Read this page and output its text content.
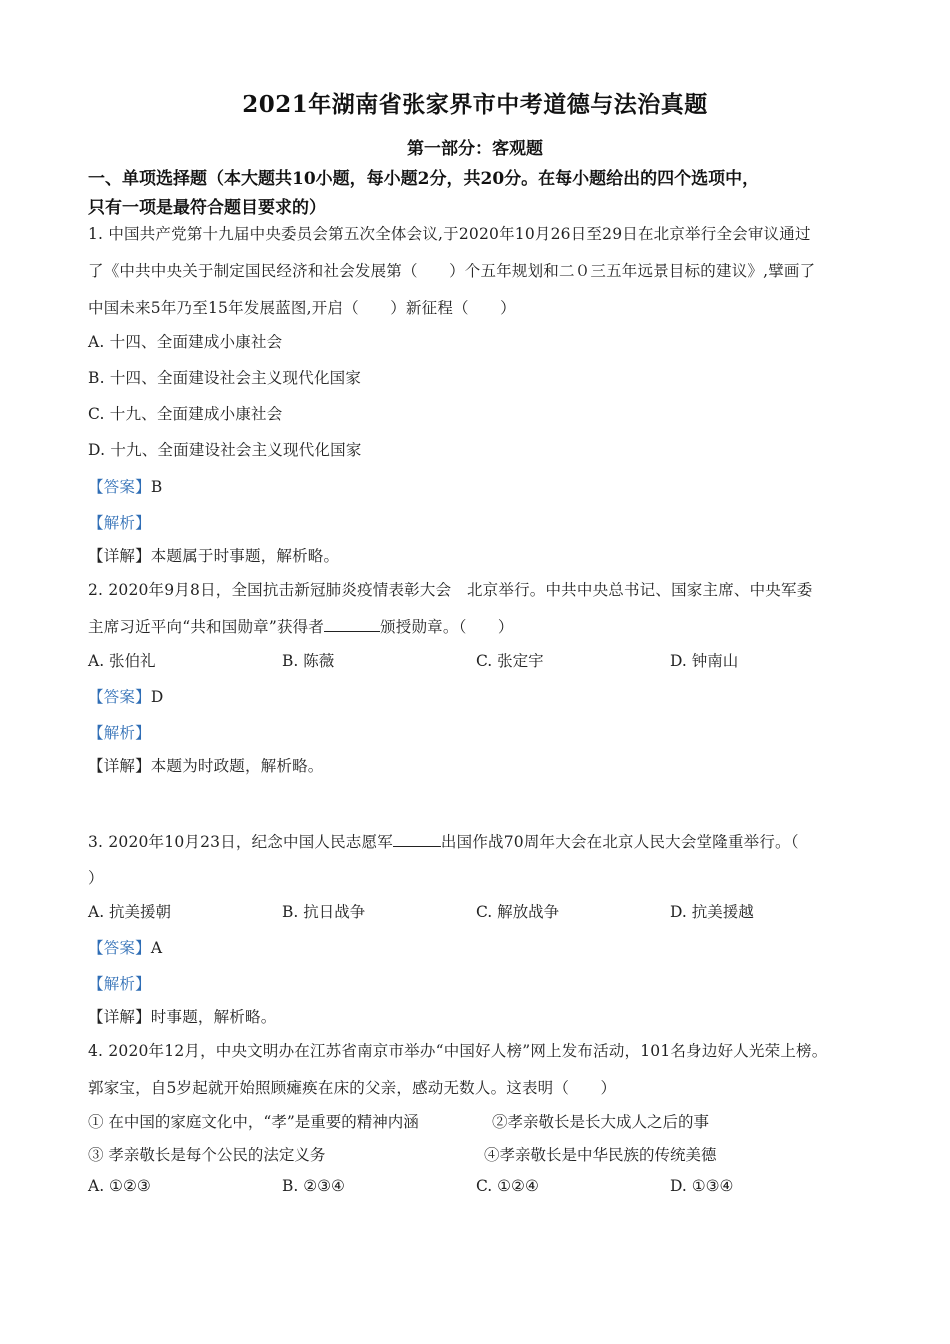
2021年湖南省张家界市中考道德与法治真题
第一部分：客观题
一、单项选择题（本大题共10小题，每小题2分，共20分。在每小题给出的四个选项中，
只有一项是最符合题目要求的）
1. 中国共产党第十九届中央委员会第五次全体会议,于2020年10月26日至29日在北京举行全会审议通过
了《中共中央关于制定国民经济和社会发展第（　　）个五年规划和二０三五年远景目标的建议》,擘画了
中国未来5年乃至15年发展蓝图,开启（　　）新征程（　　）
A. 十四、全面建成小康社会
B. 十四、全面建设社会主义现代化国家
C. 十九、全面建成小康社会
D. 十九、全面建设社会主义现代化国家
【答案】B
【解析】
【详解】本题属于时事题，解析略。
2. 2020年9月8日，全国抗击新冠肺炎疫情表彰大会　北京举行。中共中央总书记、国家主席、中央军委
主席习近平向“共和国勋章”获得者	颁授勋章。（　　）
A. 张伯礼	B. 陈薇	C. 张定宇	D. 钟南山
【答案】D
【解析】
【详解】本题为时政题，解析略。
3. 2020年10月23日，纪念中国人民志愿军	出国作战70周年大会在北京人民大会堂隆重举行。（
）
A. 抗美援朝	B. 抗日战争	C. 解放战争	D. 抗美援越
【答案】A
【解析】
【详解】时事题，解析略。
4. 2020年12月，中央文明办在江苏省南京市举办“中国好人榜”网上发布活动，101名身边好人光荣上榜。
郭家宝，自5岁起就开始照顾瘫痪在床的父亲，感动无数人。这表明（　　）
① 在中国的家庭文化中，“孝”是重要的精神内涵	②孝亲敬长是长大成人之后的事
③ 孝亲敬长是每个公民的法定义务	④孝亲敬长是中华民族的传统美德
A. ①②③	B. ②③④	C. ①②④	D. ①③④
